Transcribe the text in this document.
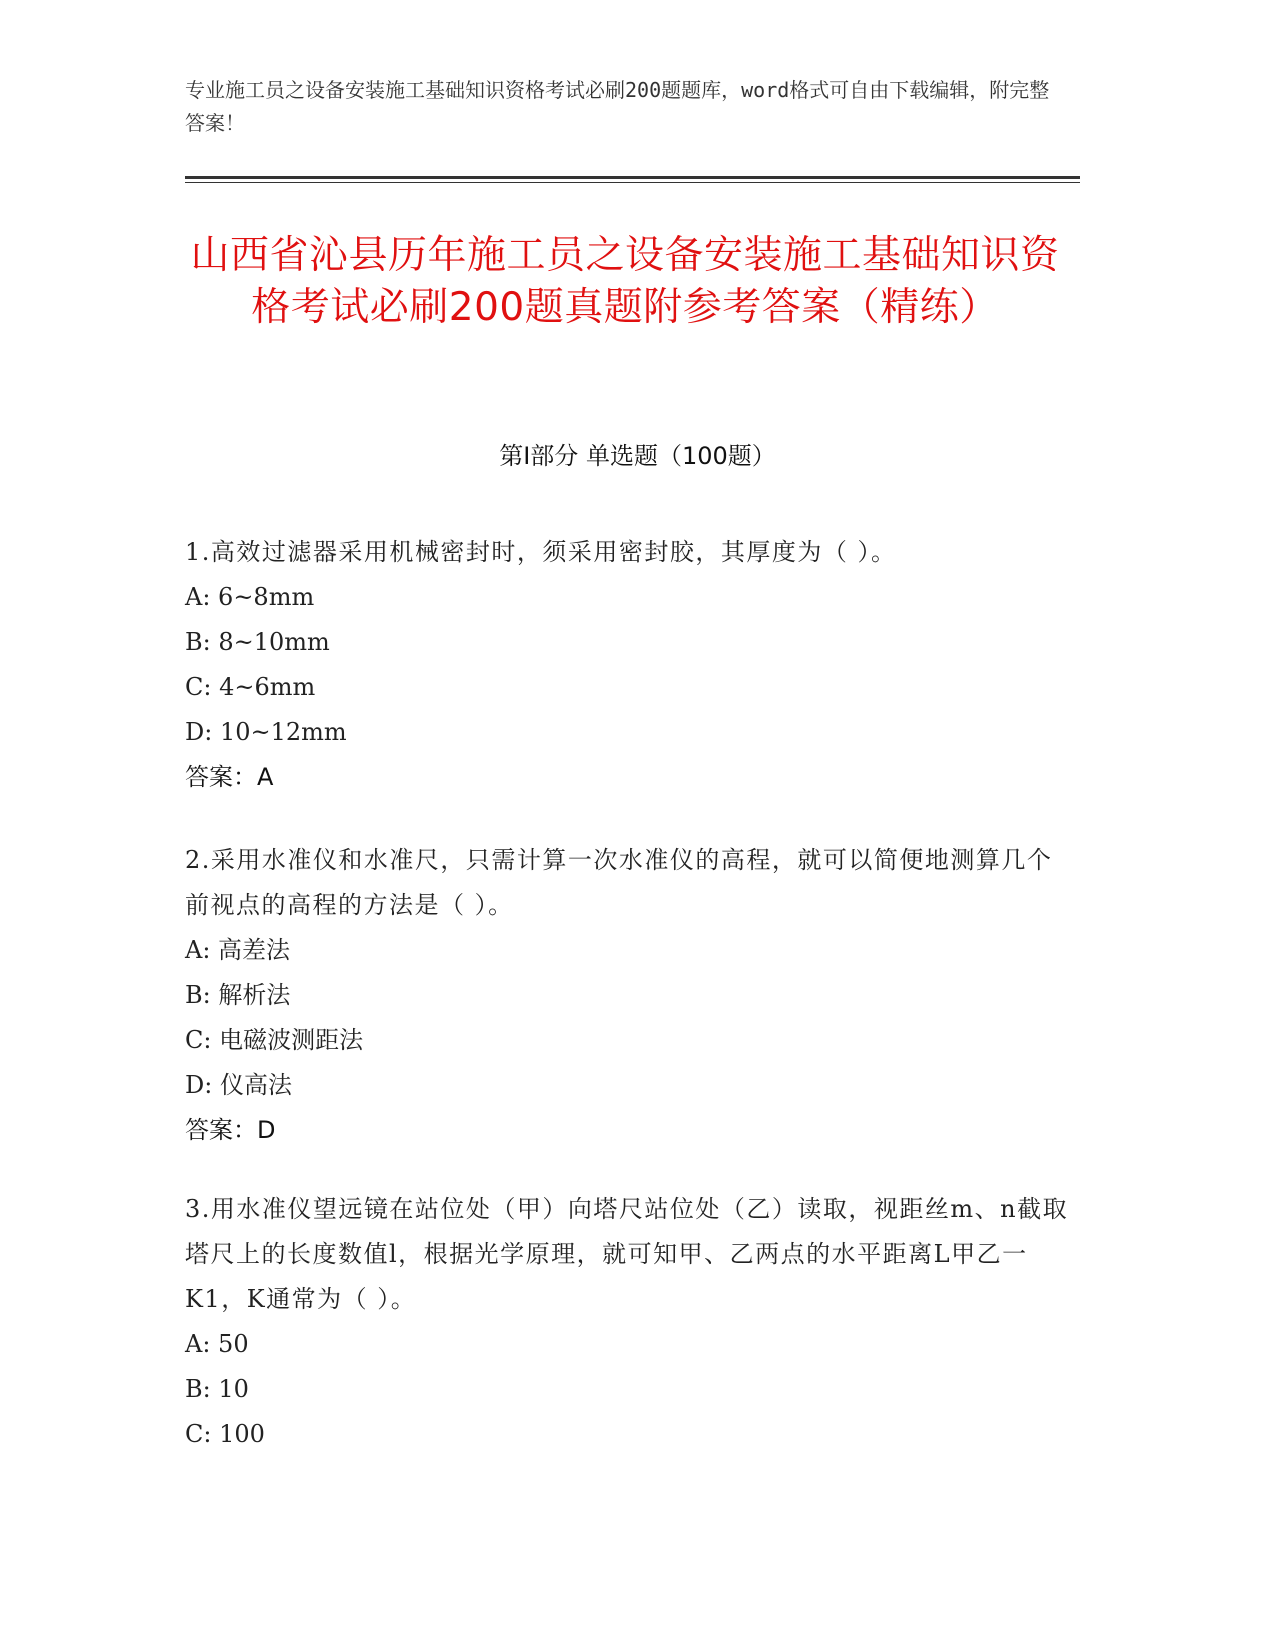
专业施工员之设备安装施工基础知识资格考试必刷200题题库，word格式可自由下载编辑，附完整答案！
山西省沁县历年施工员之设备安装施工基础知识资格考试必刷200题真题附参考答案（精练）
第I部分 单选题（100题）
1.高效过滤器采用机械密封时，须采用密封胶，其厚度为（ ）。
A: 6~8mm
B: 8~10mm
C: 4~6mm
D: 10~12mm
答案：A
2.采用水准仪和水准尺，只需计算一次水准仪的高程，就可以简便地测算几个前视点的高程的方法是（ ）。
A: 高差法
B: 解析法
C: 电磁波测距法
D: 仪高法
答案：D
3.用水准仪望远镜在站位处（甲）向塔尺站位处（乙）读取，视距丝m、n截取塔尺上的长度数值l，根据光学原理，就可知甲、乙两点的水平距离L甲乙一K1，K通常为（ ）。
A: 50
B: 10
C: 100
